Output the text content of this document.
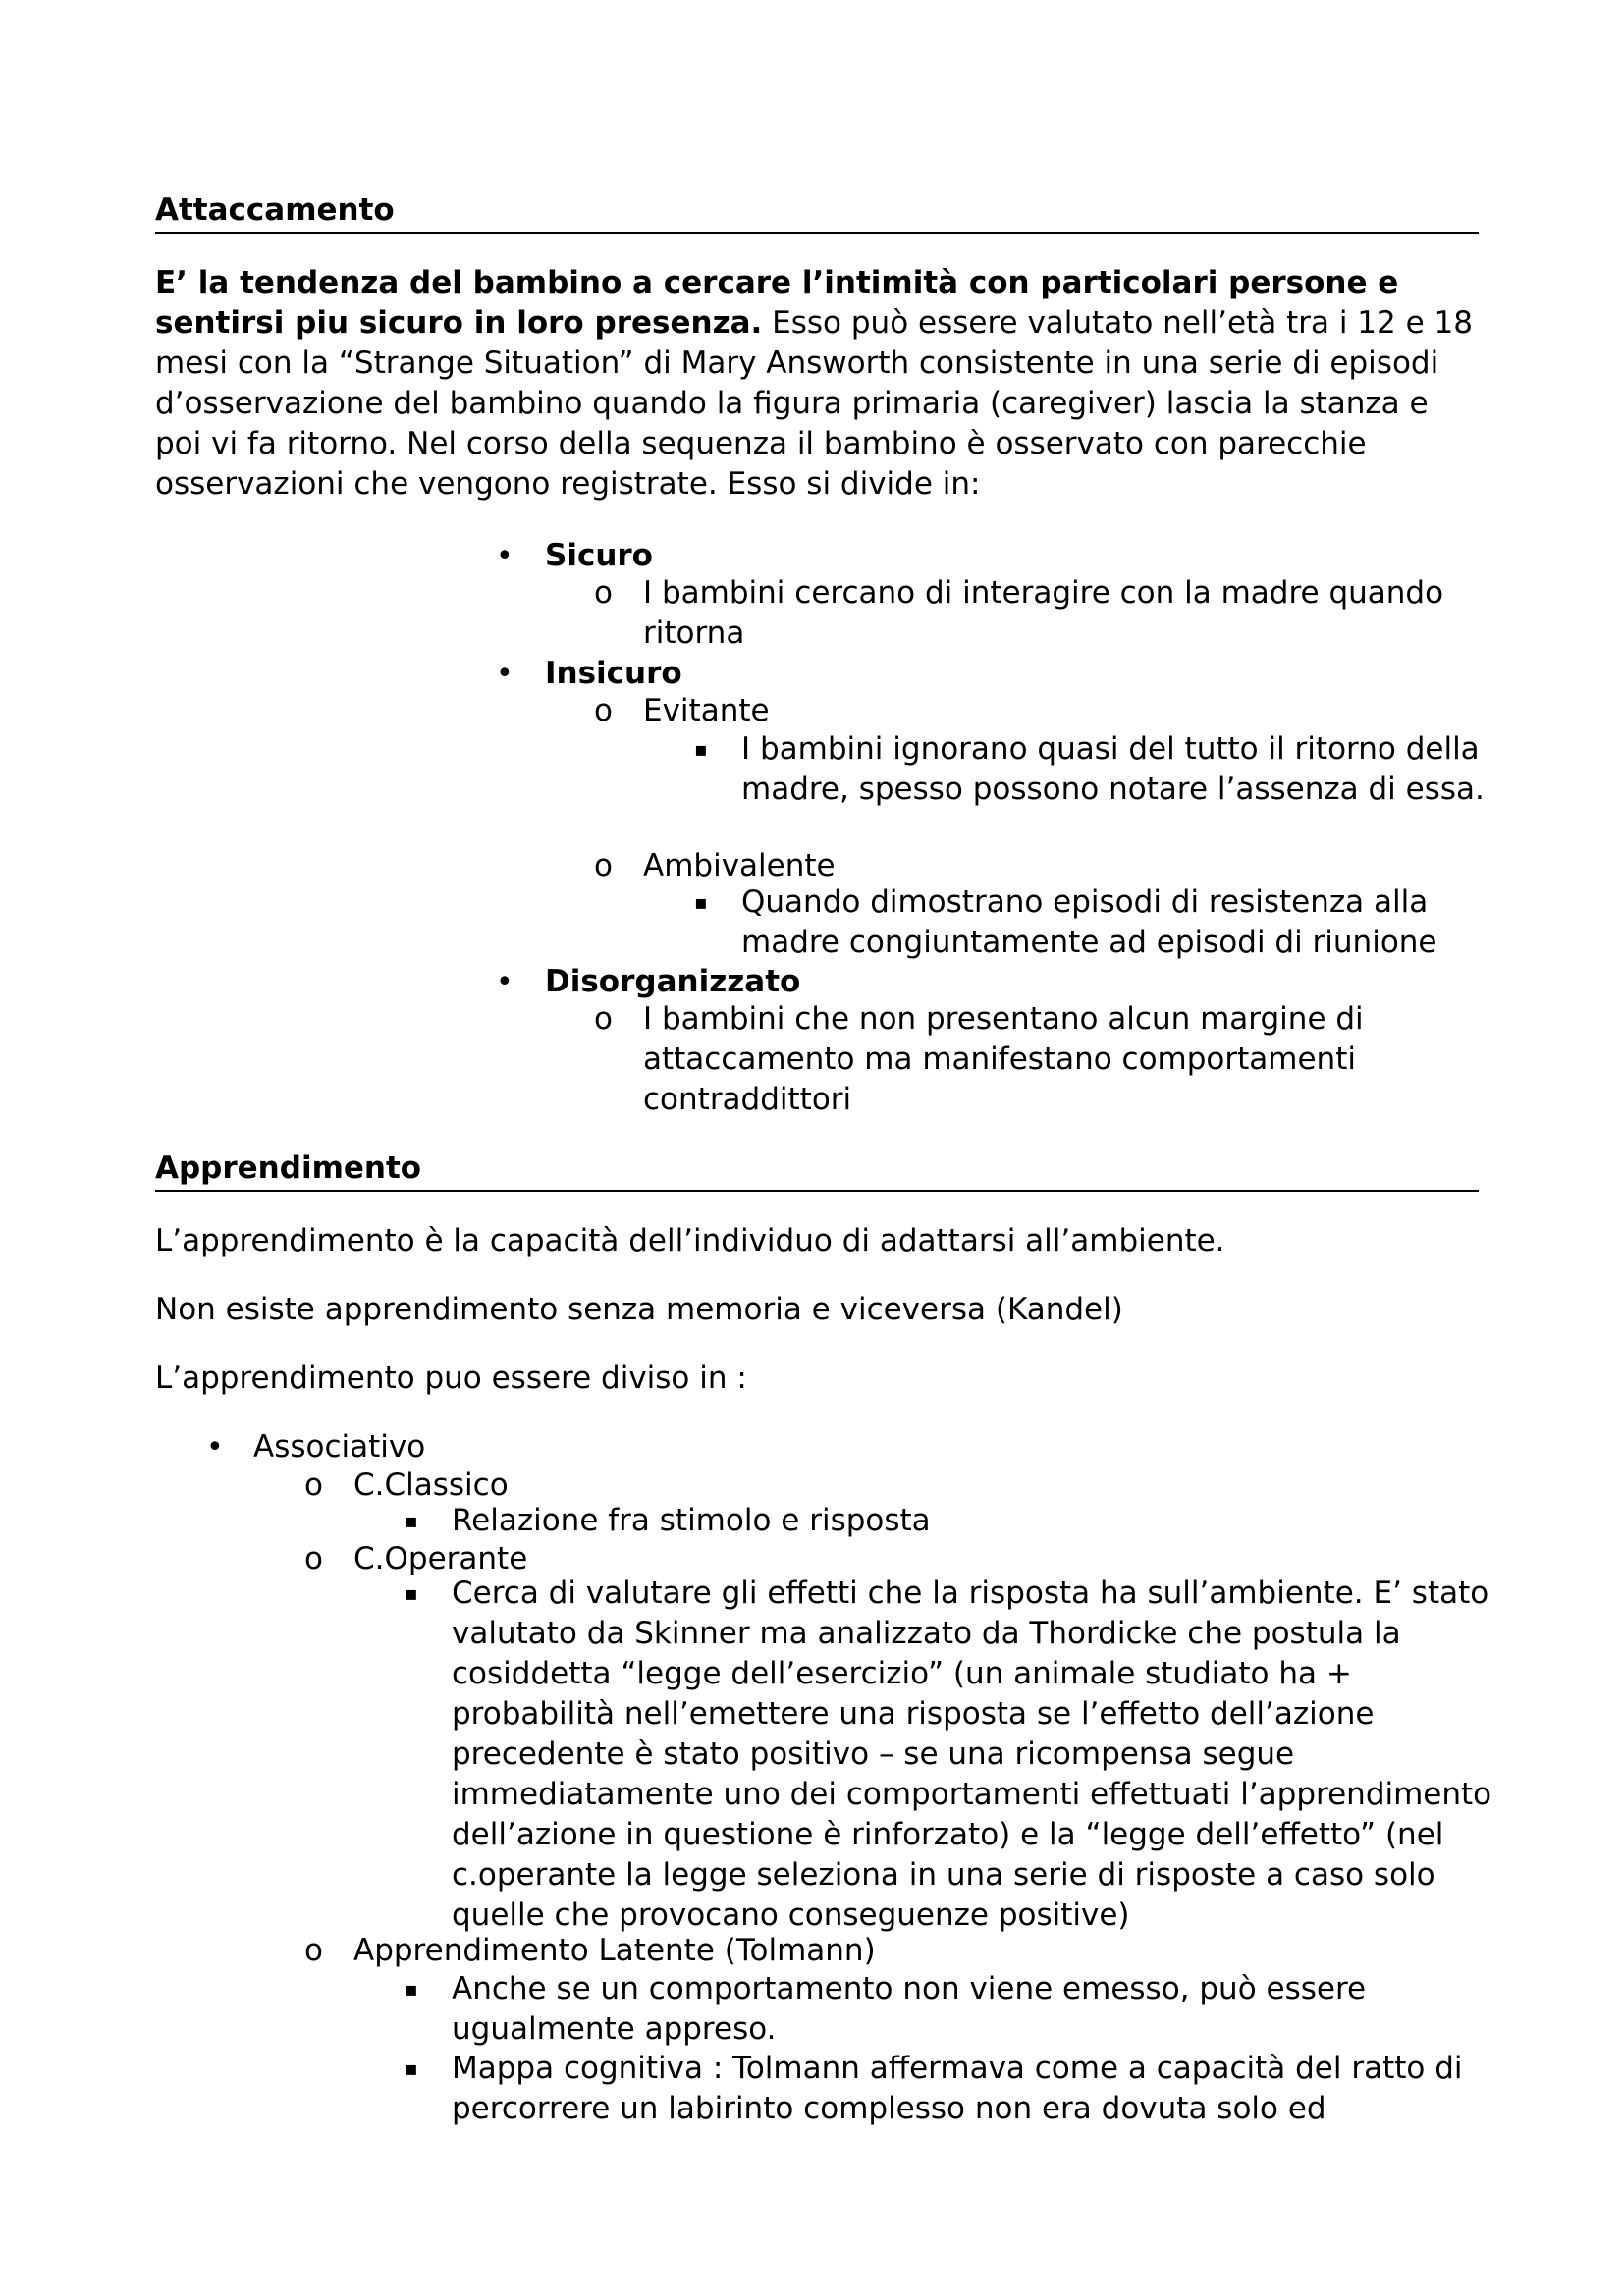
Attaccamento

E’ la tendenza del bambino a cercare l’intimità con particolari persone e sentirsi piu sicuro in loro presenza. Esso può essere valutato nell’età tra i 12 e 18 mesi con la “Strange Situation” di Mary Answorth consistente in una serie di episodi d’osservazione del bambino quando la figura primaria (caregiver) lascia la stanza e poi vi fa ritorno. Nel corso della sequenza il bambino è osservato con parecchie osservazioni che vengono registrate. Esso si divide in:

• Sicuro
o I bambini cercano di interagire con la madre quando ritorna
• Insicuro
o Evitante
▪ I bambini ignorano quasi del tutto il ritorno della madre, spesso possono notare l’assenza di essa.
o Ambivalente
▪ Quando dimostrano episodi di resistenza alla madre congiuntamente ad episodi di riunione
• Disorganizzato
o I bambini che non presentano alcun margine di attaccamento ma manifestano comportamenti contraddittori
Apprendimento

L’apprendimento è la capacità dell’individuo di adattarsi all’ambiente.

Non esiste apprendimento senza memoria e viceversa (Kandel)

L’apprendimento puo essere diviso in :

• Associativo
o C.Classico
▪ Relazione fra stimolo e risposta
o C.Operante
▪ Cerca di valutare gli effetti che la risposta ha sull’ambiente. E’ stato valutato da Skinner ma analizzato da Thordicke che postula la cosiddetta “legge dell’esercizio” (un animale studiato ha + probabilità nell’emettere una risposta se l’effetto dell’azione precedente è stato positivo – se una ricompensa segue immediatamente uno dei comportamenti effettuati l’apprendimento dell’azione in questione è rinforzato) e la “legge dell’effetto” (nel c.operante la legge seleziona in una serie di risposte a caso solo quelle che provocano conseguenze positive)
o Apprendimento Latente (Tolmann)
▪ Anche se un comportamento non viene emesso, può essere ugualmente appreso.
▪ Mappa cognitiva : Tolmann affermava come a capacità del ratto di percorrere un labirinto complesso non era dovuta solo ed
